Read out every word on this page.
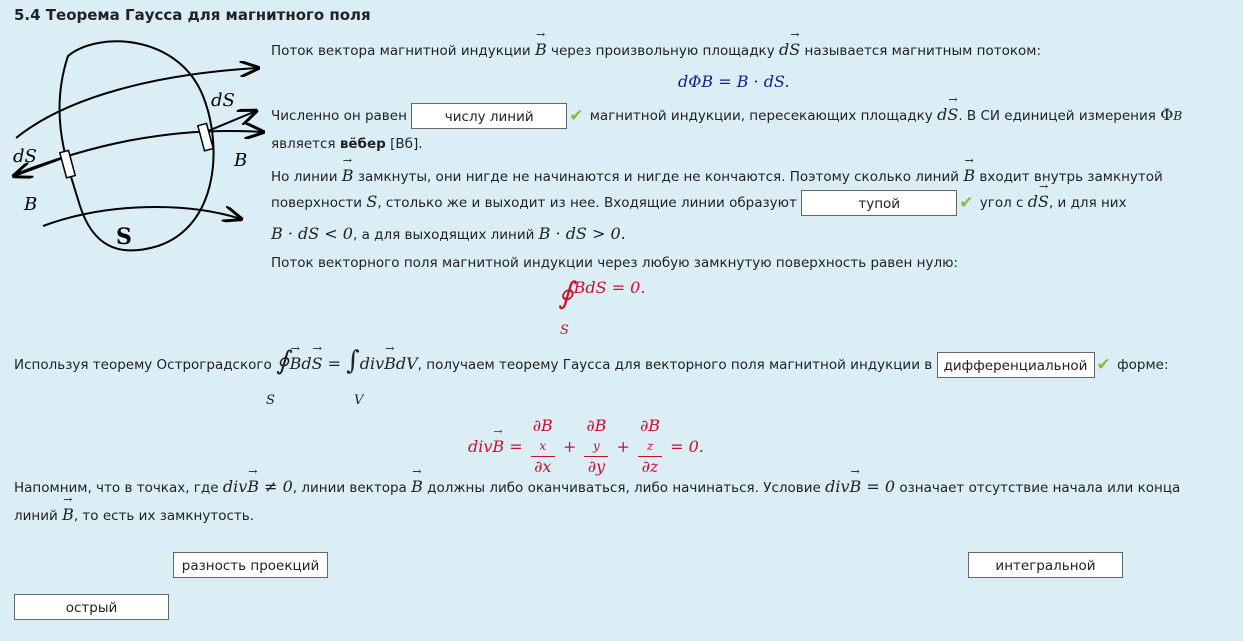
5.4 Теорема Гаусса для магнитного поля
dS
B
dS
B
S
Поток вектора магнитной индукции → B через произвольную площадку d→ S называется магнитным потоком:
dΦB = B · dS.
Численно он равен	числу линий ✔ магнитной индукции, пересекающих площадку d→ S. В СИ единицей измерения ΦB
является вёбер [Вб].
Но линии → B замкнуты, они нигде не начинаются и нигде не кончаются. Поэтому сколько линий → B входит внутрь замкнутой
поверхности S, столько же и выходит из нее. Входящие линии образуют	тупой	✔ угол с d→ S, и для них
B · dS < 0, а для выходящих линий B · dS > 0.
Поток векторного поля магнитной индукции через любую замкнутую поверхность равен нулю:
∮BdS = 0.
S
Используя теорему Остроградского ∮→ Bd→ S = ∫div→ BdV, получаем теорему Гаусса для векторного поля магнитной индукции в дифференциальной ✔ форме:
S	V
div→ B = ∂B
x
∂x + ∂B
y
∂y + ∂B
z
∂z = 0.
Напомним, что в точках, где div→ B ≠ 0, линии вектора → B должны либо оканчиваться, либо начинаться. Условие div→ B = 0 означает отсутствие начала или конца
линий → B, то есть их замкнутость.
разность проекций	интегральной
острый
